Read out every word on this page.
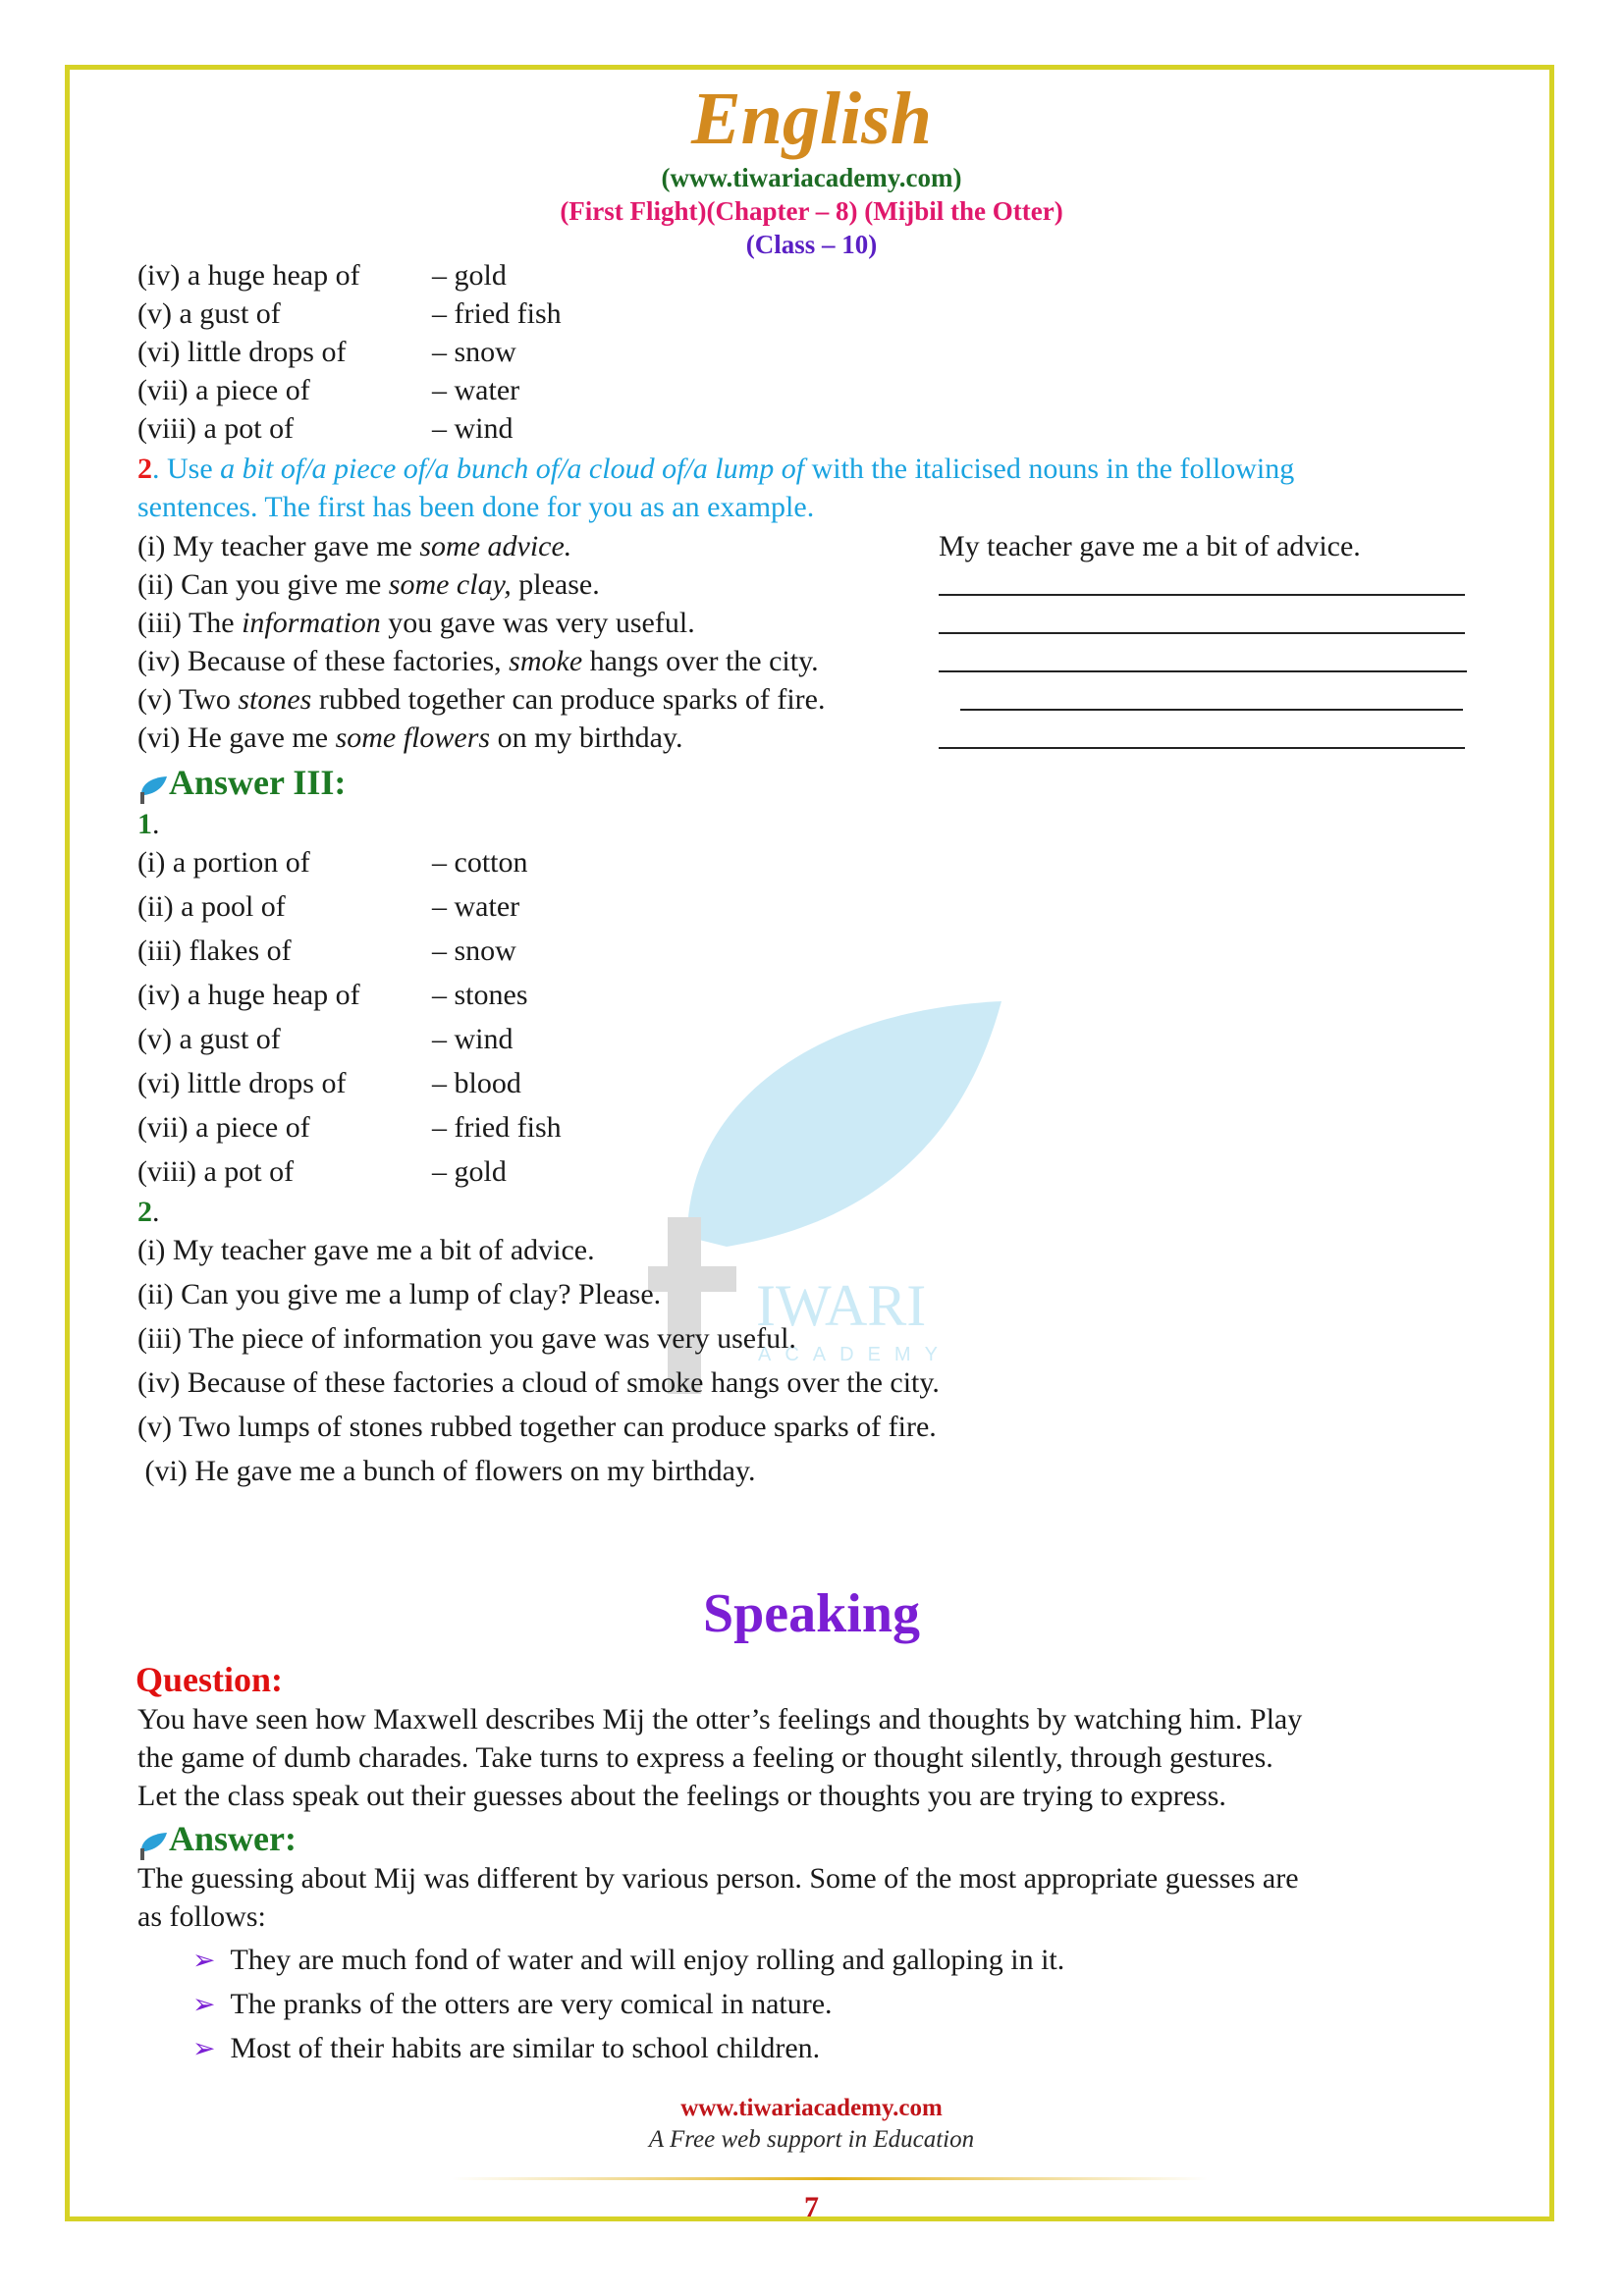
IWARI
ACADEMY
English
(www.tiwariacademy.com)
(First Flight)(Chapter – 8) (Mijbil the Otter)
(Class – 10)
(iv) a huge heap of – gold
(v) a gust of	– fried fish
(vi) little drops of	– snow
(vii) a piece of	– water
(viii) a pot of	– wind
2. Use a bit of/a piece of/a bunch of/a cloud of/a lump of with the italicised nouns in the following
sentences. The first has been done for you as an example.
(i) My teacher gave me some advice.	My teacher gave me a bit of advice.
(ii) Can you give me some clay, please.
(iii) The information you gave was very useful.
(iv) Because of these factories, smoke hangs over the city.
(v) Two stones rubbed together can produce sparks of fire.
(vi) He gave me some flowers on my birthday.
Answer III:
1.
(i) a portion of	– cotton
(ii) a pool of	– water
(iii) flakes of	– snow
(iv) a huge heap of – stones
(v) a gust of	– wind
(vi) little drops of	– blood
(vii) a piece of	– fried fish
(viii) a pot of	– gold
2.
(i) My teacher gave me a bit of advice.
(ii) Can you give me a lump of clay? Please.
(iii) The piece of information you gave was very useful.
(iv) Because of these factories a cloud of smoke hangs over the city.
(v) Two lumps of stones rubbed together can produce sparks of fire.
(vi) He gave me a bunch of flowers on my birthday.
Speaking
Question:
You have seen how Maxwell describes Mij the otter’s feelings and thoughts by watching him. Play
the game of dumb charades. Take turns to express a feeling or thought silently, through gestures.
Let the class speak out their guesses about the feelings or thoughts you are trying to express.
Answer:
The guessing about Mij was different by various person. Some of the most appropriate guesses are
as follows:
➢ They are much fond of water and will enjoy rolling and galloping in it.
➢ The pranks of the otters are very comical in nature.
➢ Most of their habits are similar to school children.
www.tiwariacademy.com
A Free web support in Education
7
